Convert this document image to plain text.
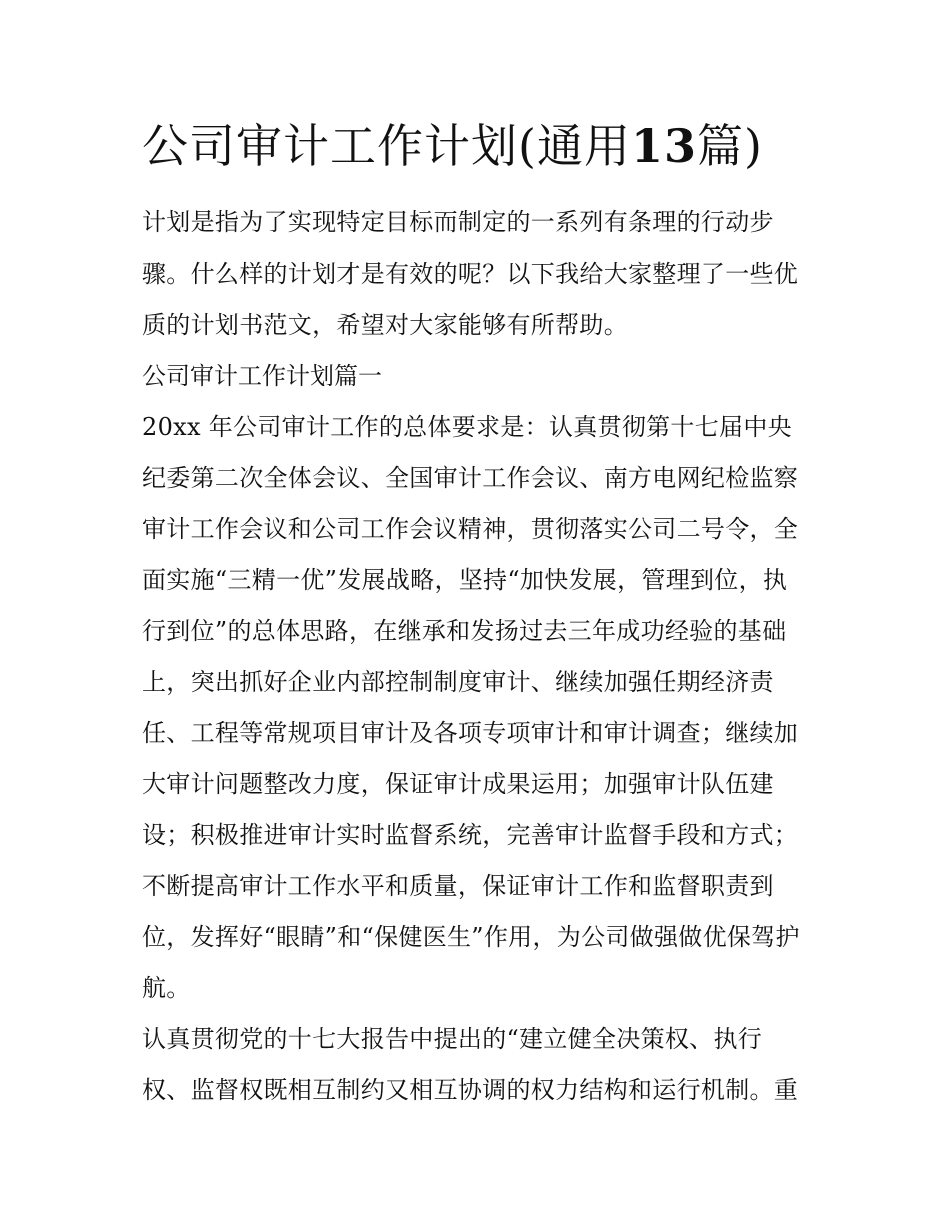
公司审计工作计划(通用13篇)
计划是指为了实现特定目标而制定的一系列有条理的行动步
骤。什么样的计划才是有效的呢？以下我给大家整理了一些优
质的计划书范文，希望对大家能够有所帮助。
公司审计工作计划篇一
20xx 年公司审计工作的总体要求是：认真贯彻第十七届中央
纪委第二次全体会议、全国审计工作会议、南方电网纪检监察
审计工作会议和公司工作会议精神，贯彻落实公司二号令，全
面实施“三精一优”发展战略，坚持“加快发展，管理到位，执
行到位”的总体思路，在继承和发扬过去三年成功经验的基础
上，突出抓好企业内部控制制度审计、继续加强任期经济责
任、工程等常规项目审计及各项专项审计和审计调查；继续加
大审计问题整改力度，保证审计成果运用；加强审计队伍建
设；积极推进审计实时监督系统，完善审计监督手段和方式；
不断提高审计工作水平和质量，保证审计工作和监督职责到
位，发挥好“眼睛”和“保健医生”作用，为公司做强做优保驾护
航。
认真贯彻党的十七大报告中提出的“建立健全决策权、执行
权、监督权既相互制约又相互协调的权力结构和运行机制。重
